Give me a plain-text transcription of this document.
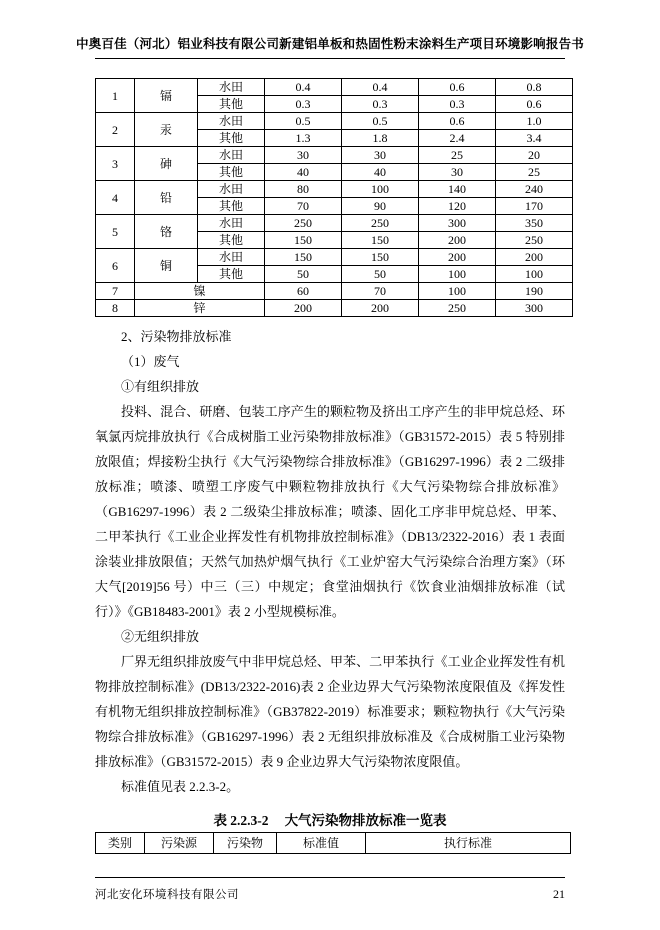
中奥百佳（河北）铝业科技有限公司新建铝单板和热固性粉末涂料生产项目环境影响报告书
1	镉	水田	0.4	0.4	0.6	0.8
		其他	0.3	0.3	0.3	0.6
2	汞	水田	0.5	0.5	0.6	1.0
		其他	1.3	1.8	2.4	3.4
3	砷	水田	30	30	25	20
		其他	40	40	30	25
4	铅	水田	80	100	140	240
		其他	70	90	120	170
5	铬	水田	250	250	300	350
		其他	150	150	200	250
6	铜	水田	150	150	200	200
		其他	50	50	100	100
7	镍		60	70	100	190
8	锌		200	200	250	300

2、污染物排放标准

（1）废气

①有组织排放

投料、混合、研磨、包装工序产生的颗粒物及挤出工序产生的非甲烷总烃、环氧氯丙烷排放执行《合成树脂工业污染物排放标准》（GB31572-2015）表 5 特别排放限值；焊接粉尘执行《大气污染物综合排放标准》（GB16297-1996）表 2 二级排放标准；喷漆、喷塑工序废气中颗粒物排放执行《大气污染物综合排放标准》（GB16297-1996）表 2 二级染尘排放标准；喷漆、固化工序非甲烷总烃、甲苯、二甲苯执行《工业企业挥发性有机物排放控制标准》（DB13/2322-2016）表 1 表面涂装业排放限值；天然气加热炉烟气执行《工业炉窑大气污染综合治理方案》（环大气[2019]56 号）中三（三）中规定；食堂油烟执行《饮食业油烟排放标准（试行）》《GB18483-2001》表 2 小型规模标准。

②无组织排放

厂界无组织排放废气中非甲烷总烃、甲苯、二甲苯执行《工业企业挥发性有机物排放控制标准》(DB13/2322-2016)表 2 企业边界大气污染物浓度限值及《挥发性有机物无组织排放控制标准》（GB37822-2019）标准要求；颗粒物执行《大气污染物综合排放标准》（GB16297-1996）表 2 无组织排放标准及《合成树脂工业污染物排放标准》（GB31572-2015）表 9 企业边界大气污染物浓度限值。

标准值见表 2.2.3-2。

表 2.2.3-2 大气污染物排放标准一览表
类别	污染源	污染物	标准值	执行标准
河北安化环境科技有限公司	21
